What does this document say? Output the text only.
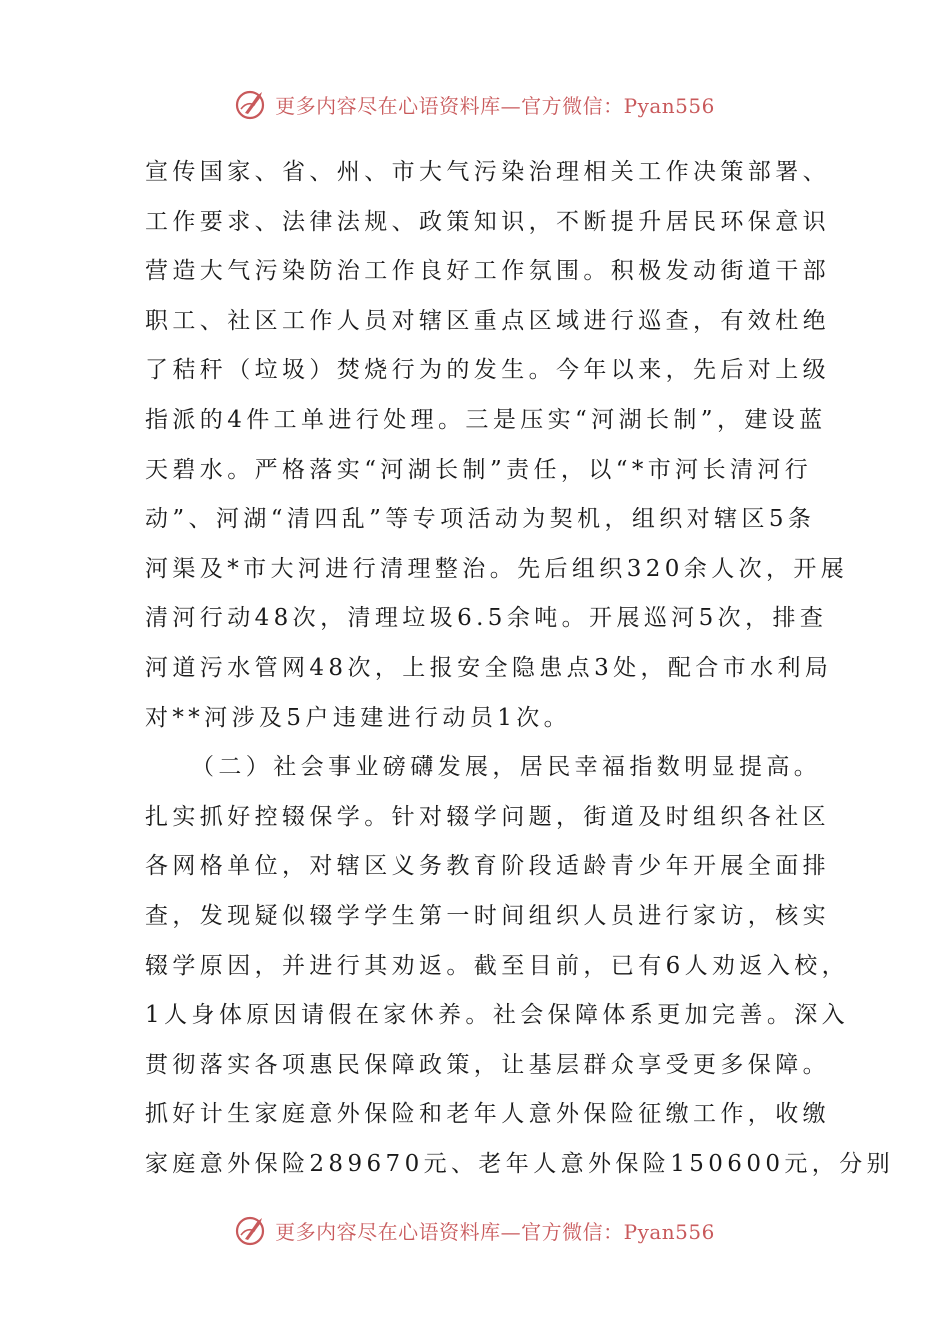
更多内容尽在心语资料库—官方微信：Pyan556
宣传国家、省、州、市大气污染治理相关工作决策部署、
工作要求、法律法规、政策知识，不断提升居民环保意识
营造大气污染防治工作良好工作氛围。积极发动街道干部
职工、社区工作人员对辖区重点区域进行巡查，有效杜绝
了秸秆（垃圾）焚烧行为的发生。今年以来，先后对上级
指派的4件工单进行处理。三是压实“河湖长制”，建设蓝
天碧水。严格落实“河湖长制”责任，以“*市河长清河行
动”、河湖“清四乱”等专项活动为契机，组织对辖区5条
河渠及*市大河进行清理整治。先后组织320余人次，开展
清河行动48次，清理垃圾6.5余吨。开展巡河5次，排查
河道污水管网48次，上报安全隐患点3处，配合市水利局
对**河涉及5户违建进行动员1次。
（二）社会事业磅礴发展，居民幸福指数明显提高。
扎实抓好控辍保学。针对辍学问题，街道及时组织各社区
各网格单位，对辖区义务教育阶段适龄青少年开展全面排
查，发现疑似辍学学生第一时间组织人员进行家访，核实
辍学原因，并进行其劝返。截至目前，已有6人劝返入校，
1人身体原因请假在家休养。社会保障体系更加完善。深入
贯彻落实各项惠民保障政策，让基层群众享受更多保障。
抓好计生家庭意外保险和老年人意外保险征缴工作，收缴
家庭意外保险289670元、老年人意外保险150600元，分别
更多内容尽在心语资料库—官方微信：Pyan556
